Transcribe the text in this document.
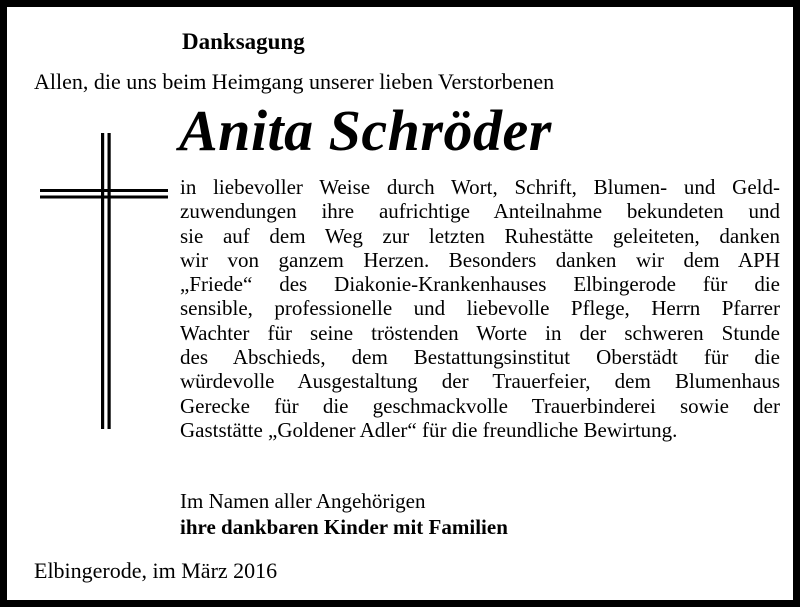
Danksagung
Allen, die uns beim Heimgang unserer lieben Verstorbenen
Anita Schröder
in liebevoller Weise durch Wort, Schrift, Blumen- und Geld-
zuwendungen ihre aufrichtige Anteilnahme bekundeten und
sie auf dem Weg zur letzten Ruhestätte geleiteten, danken
wir von ganzem Herzen. Besonders danken wir dem APH
„Friede“ des Diakonie-Krankenhauses Elbingerode für die
sensible, professionelle und liebevolle Pflege, Herrn Pfarrer
Wachter für seine tröstenden Worte in der schweren Stunde
des Abschieds, dem Bestattungsinstitut Oberstädt für die
würdevolle Ausgestaltung der Trauerfeier, dem Blumenhaus
Gerecke für die geschmackvolle Trauerbinderei sowie der
Gaststätte „Goldener Adler“ für die freundliche Bewirtung.
Im Namen aller Angehörigen
ihre dankbaren Kinder mit Familien
Elbingerode, im März 2016
